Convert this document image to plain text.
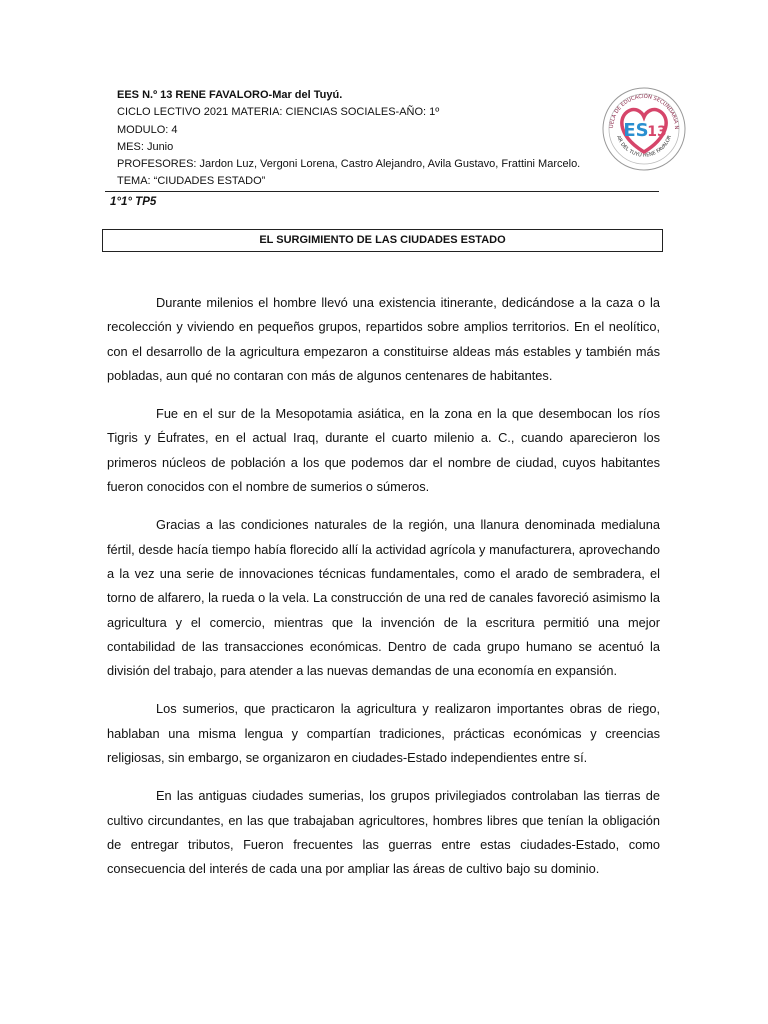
EES N.º 13 RENE FAVALORO-Mar del Tuyú.
CICLO LECTIVO 2021 MATERIA: CIENCIAS SOCIALES-AÑO: 1º
MODULO: 4
MES: Junio
PROFESORES: Jardon Luz, Vergoni Lorena, Castro Alejandro, Avila Gustavo, Frattini Marcelo.
TEMA: “CIUDADES ESTADO”
UELA DE EDUCACIÓN SECUNDARIA N
AR DEL TUYÚ RENE FAVALOR
ES
13
1°1° TP5
EL SURGIMIENTO DE LAS CIUDADES ESTADO

Durante milenios el hombre llevó una existencia itinerante, dedicándose a la caza o la recolección y viviendo en pequeños grupos, repartidos sobre amplios territorios. En el neolítico, con el desarrollo de la agricultura empezaron a constituirse aldeas más estables y también más pobladas, aun qué no contaran con más de algunos centenares de habitantes.

Fue en el sur de la Mesopotamia asiática, en la zona en la que desembocan los ríos Tigris y Éufrates, en el actual Iraq, durante el cuarto milenio a. C., cuando aparecieron los primeros núcleos de población a los que podemos dar el nombre de ciudad, cuyos habitantes fueron conocidos con el nombre de sumerios o súmeros.

Gracias a las condiciones naturales de la región, una llanura denominada medialuna fértil, desde hacía tiempo había florecido allí la actividad agrícola y manufacturera, aprovechando a la vez una serie de innovaciones técnicas fundamentales, como el arado de sembradera, el torno de alfarero, la rueda o la vela. La construcción de una red de canales favoreció asimismo la agricultura y el comercio, mientras que la invención de la escritura permitió una mejor contabilidad de las transacciones económicas. Dentro de cada grupo humano se acentuó la división del trabajo, para atender a las nuevas demandas de una economía en expansión.

Los sumerios, que practicaron la agricultura y realizaron importantes obras de riego, hablaban una misma lengua y compartían tradiciones, prácticas económicas y creencias religiosas, sin embargo, se organizaron en ciudades-Estado independientes entre sí.

En las antiguas ciudades sumerias, los grupos privilegiados controlaban las tierras de cultivo circundantes, en las que trabajaban agricultores, hombres libres que tenían la obligación de entregar tributos, Fueron frecuentes las guerras entre estas ciudades-Estado, como consecuencia del interés de cada una por ampliar las áreas de cultivo bajo su dominio.
